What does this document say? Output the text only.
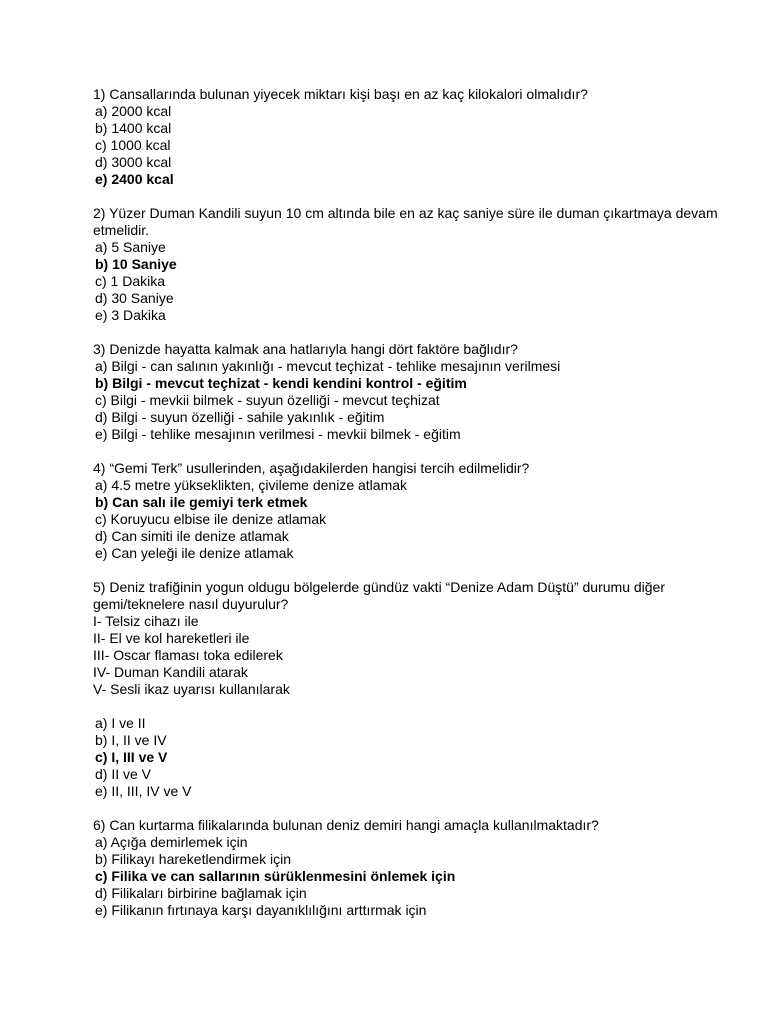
1) Cansallarında bulunan yiyecek miktarı kişi başı en az kaç kilokalori olmalıdır?

a) 2000 kcal

b) 1400 kcal

c) 1000 kcal

d) 3000 kcal

e) 2400 kcal

2) Yüzer Duman Kandili suyun 10 cm altında bile en az kaç saniye süre ile duman çıkartmaya devam etmelidir.

a) 5 Saniye

b) 10 Saniye

c) 1 Dakika

d) 30 Saniye

e) 3 Dakika

3) Denizde hayatta kalmak ana hatlarıyla hangi dört faktöre bağlıdır?

a) Bilgi - can salının yakınlığı - mevcut teçhizat - tehlike mesajının verilmesi

b) Bilgi - mevcut teçhizat - kendi kendini kontrol - eğitim

c) Bilgi - mevkii bilmek - suyun özelliği - mevcut teçhizat

d) Bilgi - suyun özelliği - sahile yakınlık - eğitim

e) Bilgi - tehlike mesajının verilmesi - mevkii bilmek - eğitim

4) “Gemi Terk” usullerinden, aşağıdakilerden hangisi tercih edilmelidir?

a) 4.5 metre yükseklikten, çivileme denize atlamak

b) Can salı ile gemiyi terk etmek

c) Koruyucu elbise ile denize atlamak

d) Can simiti ile denize atlamak

e) Can yeleği ile denize atlamak

5) Deniz trafiğinin yogun oldugu bölgelerde gündüz vakti “Denize Adam Düştü” durumu diğer gemi/teknelere nasıl duyurulur?

I- Telsiz cihazı ile

II- El ve kol hareketleri ile

III- Oscar flaması toka edilerek

IV- Duman Kandili atarak

V- Sesli ikaz uyarısı kullanılarak

a) I ve II

b) I, II ve IV

c) I, III ve V

d) II ve V

e) II, III, IV ve V

6) Can kurtarma filikalarında bulunan deniz demiri hangi amaçla kullanılmaktadır?

a) Açığa demirlemek için

b) Filikayı hareketlendirmek için

c) Filika ve can sallarının sürüklenmesini önlemek için

d) Filikaları birbirine bağlamak için

e) Filikanın fırtınaya karşı dayanıklılığını arttırmak için
